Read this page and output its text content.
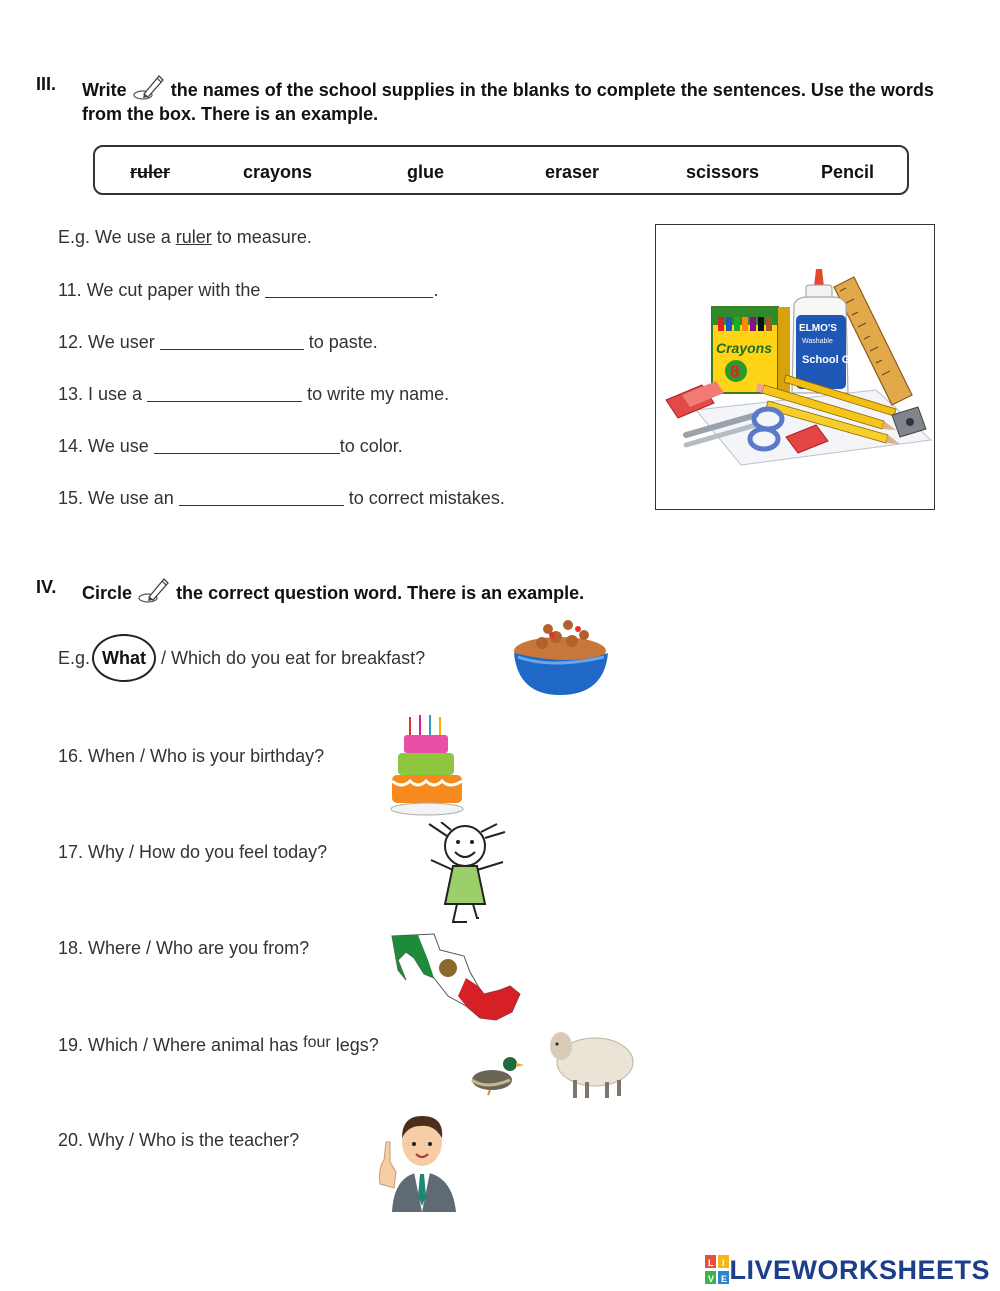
III. Write the names of the school supplies in the blanks to complete the sentences. Use the words from the box. There is an example.
ruler	crayons	glue	eraser	scissors	Pencil
E.g. We use a ruler to measure.
11. We cut paper with the	.
12. We user	to paste.
13. I use a	to write my name.
14. We use	to color.
15. We use an	to correct mistakes.
Crayons
8
ELMO'S
Washable
School Glue
IV. Circle the correct question word. There is an example.
E.g. What / Which do you eat for breakfast?
16. When / Who is your birthday?
17. Why / How do you feel today?
18. Where / Who are you from?
19. Which / Where animal has four legs?
20. Why / Who is the teacher?
L I
V E LIVEWORKSHEETS
